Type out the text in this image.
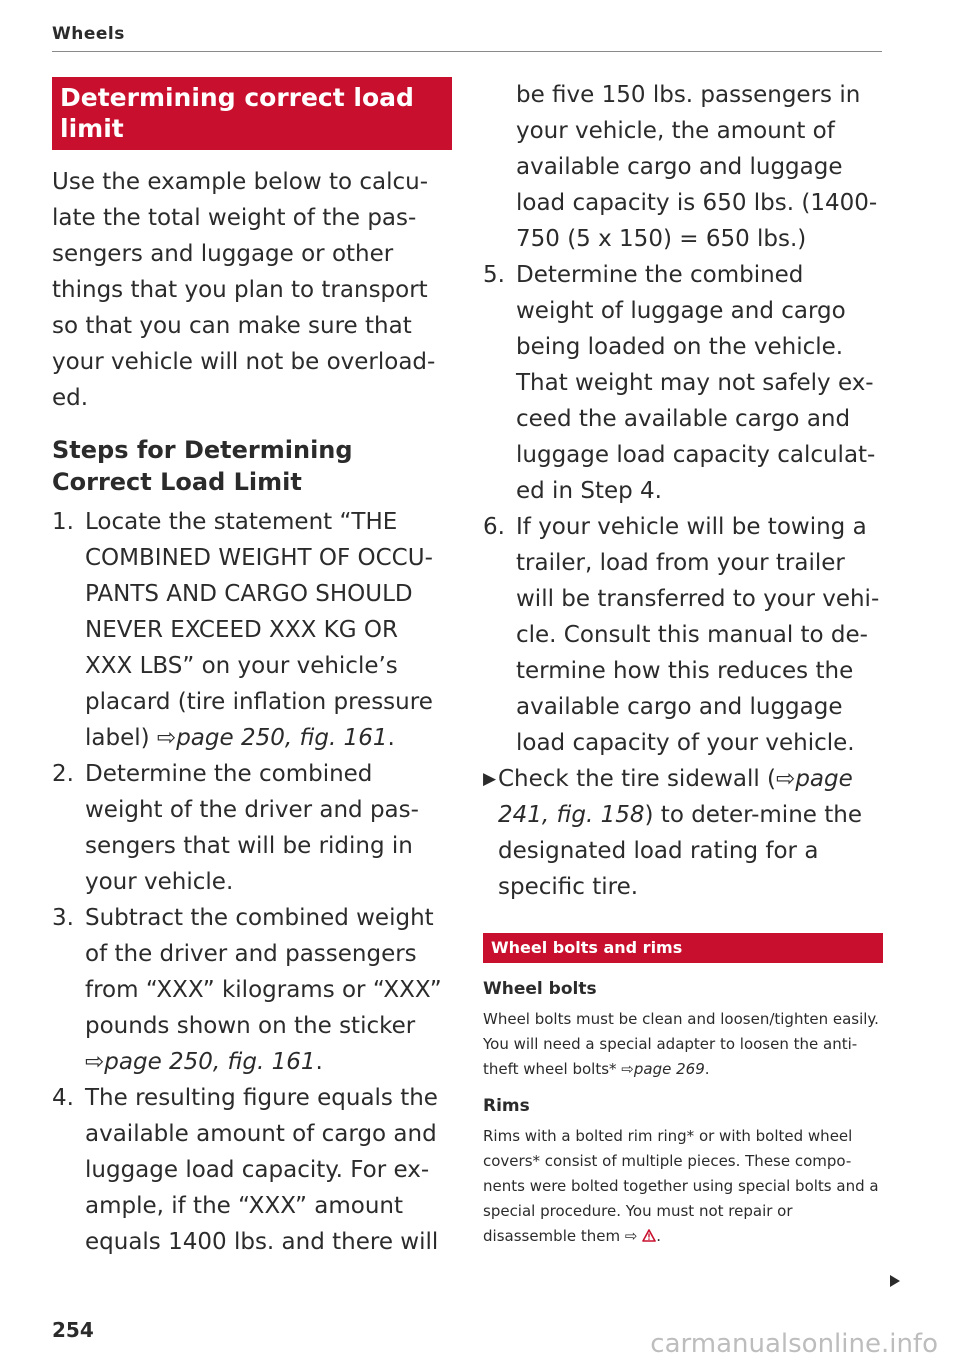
Wheels
Determining correct load limit

Use the example below to calcu-late the total weight of the pas-sengers and luggage or other things that you plan to transport so that you can make sure that your vehicle will not be overload-ed.

Steps for Determining Correct Load Limit
1. Locate the statement “THE COMBINED WEIGHT OF OCCU-PANTS AND CARGO SHOULD NEVER EXCEED XXX KG OR XXX LBS” on your vehicle’s placard (tire inflation pressure label) ⇨page 250, fig. 161.
2. Determine the combined weight of the driver and pas-sengers that will be riding in your vehicle.
3. Subtract the combined weight of the driver and passengers from “XXX” kilograms or “XXX” pounds shown on the sticker ⇨page 250, fig. 161.
4. The resulting figure equals the available amount of cargo and luggage load capacity. For ex-ample, if the “XXX” amount equals 1400 lbs. and there will
be five 150 lbs. passengers in your vehicle, the amount of available cargo and luggage load capacity is 650 lbs. (1400-750 (5 x 150) = 650 lbs.)
5. Determine the combined weight of luggage and cargo being loaded on the vehicle. That weight may not safely ex-ceed the available cargo and luggage load capacity calculat-ed in Step 4.
6. If your vehicle will be towing a trailer, load from your trailer will be transferred to your vehi-cle. Consult this manual to de-termine how this reduces the available cargo and luggage load capacity of your vehicle.
▶ Check the tire sidewall (⇨page 241, fig. 158) to deter-mine the designated load rating for a specific tire.
Wheel bolts and rims
Wheel bolts

Wheel bolts must be clean and loosen/tighten easily. You will need a special adapter to loosen the anti-theft wheel bolts* ⇨page 269.

Rims

Rims with a bolted rim ring* or with bolted wheel covers* consist of multiple pieces. These compo-nents were bolted together using special bolts and a special procedure. You must not repair or disassemble them ⇨ .

254	carmanualsonline.info
